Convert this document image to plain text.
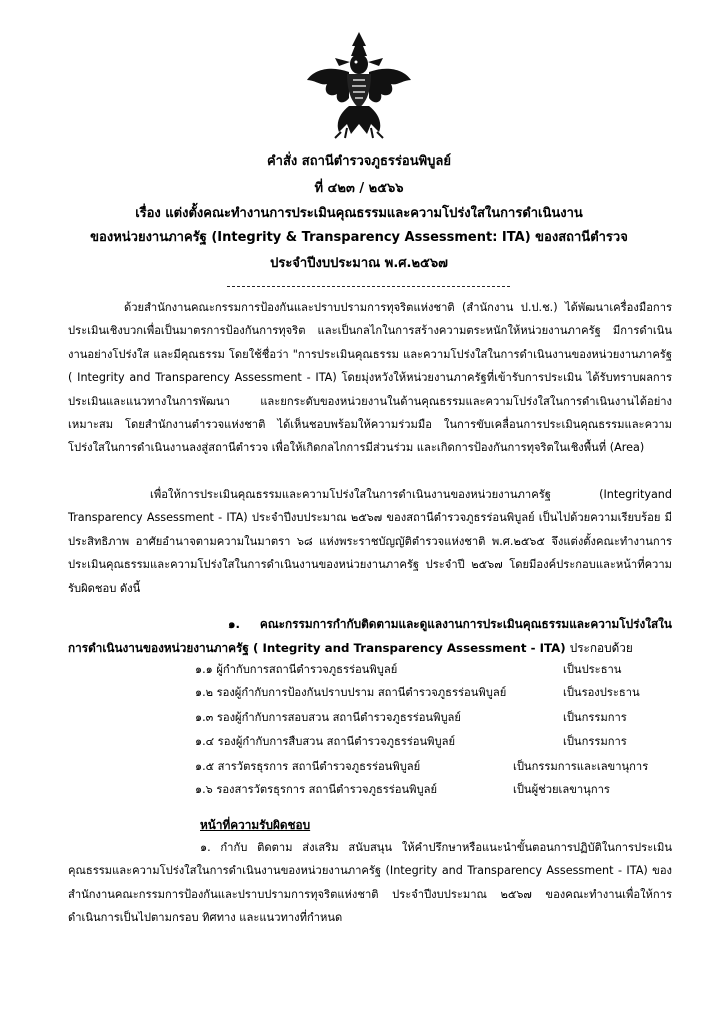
คำสั่ง สถานีตำรวจภูธรร่อนพิบูลย์
ที่ ๔๒๓ / ๒๕๖๖
เรื่อง แต่งตั้งคณะทำงานการประเมินคุณธรรมและความโปร่งใสในการดำเนินงาน
ของหน่วยงานภาครัฐ (Integrity & Transparency Assessment: ITA) ของสถานีตำรวจ
ประจำปีงบประมาณ พ.ศ.๒๕๖๗
ด้วยสำนักงานคณะกรรมการป้องกันและปราบปรามการทุจริตแห่งชาติ (สำนักงาน ป.ป.ช.) ได้พัฒนาเครื่องมือการประเมินเชิงบวกเพื่อเป็นมาตรการป้องกันการทุจริต และเป็นกลไกในการสร้างความตระหนักให้หน่วยงานภาครัฐ มีการดำเนินงานอย่างโปร่งใส และมีคุณธรรม โดยใช้ชื่อว่า "การประเมินคุณธรรม และความโปร่งใสในการดำเนินงานของหน่วยงานภาครัฐ ( Integrity and Transparency Assessment - ITA) โดยมุ่งหวังให้หน่วยงานภาครัฐที่เข้ารับการประเมิน ได้รับทราบผลการประเมินและแนวทางในการพัฒนา และยกระดับของหน่วยงานในด้านคุณธรรมและความโปร่งใสในการดำเนินงานได้อย่างเหมาะสม โดยสำนักงานตำรวจแห่งชาติ ได้เห็นชอบพร้อมให้ความร่วมมือ ในการขับเคลื่อนการประเมินคุณธรรมและความโปร่งใสในการดำเนินงานลงสู่สถานีตำรวจ เพื่อให้เกิดกลไกการมีส่วนร่วม และเกิดการป้องกันการทุจริตในเชิงพื้นที่ (Area)
เพื่อให้การประเมินคุณธรรมและความโปร่งใสในการดำเนินงานของหน่วยงานภาครัฐ (Integrityand Transparency Assessment - ITA) ประจำปีงบประมาณ ๒๕๖๗ ของสถานีตำรวจภูธรร่อนพิบูลย์ เป็นไปด้วยความเรียบร้อย มีประสิทธิภาพ อาศัยอำนาจตามความในมาตรา ๖๘ แห่งพระราชบัญญัติตำรวจแห่งชาติ พ.ศ.๒๕๖๕ จึงแต่งตั้งคณะทำงานการประเมินคุณธรรมและความโปร่งใสในการดำเนินงานของหน่วยงานภาครัฐ ประจำปี ๒๕๖๗ โดยมีองค์ประกอบและหน้าที่ความรับผิดชอบ ดังนี้
๑. คณะกรรมการกำกับติดตามและดูแลงานการประเมินคุณธรรมและความโปร่งใสในการดำเนินงานของหน่วยงานภาครัฐ ( Integrity and Transparency Assessment - ITA) ประกอบด้วย
๑.๑ ผู้กำกับการสถานีตำรวจภูธรร่อนพิบูลย์	เป็นประธาน
๑.๒ รองผู้กำกับการป้องกันปราบปราม สถานีตำรวจภูธรร่อนพิบูลย์	เป็นรองประธาน
๑.๓ รองผู้กำกับการสอบสวน สถานีตำรวจภูธรร่อนพิบูลย์	เป็นกรรมการ
๑.๔ รองผู้กำกับการสืบสวน สถานีตำรวจภูธรร่อนพิบูลย์	เป็นกรรมการ
๑.๕ สารวัตรธุรการ สถานีตำรวจภูธรร่อนพิบูลย์	เป็นกรรมการและเลขานุการ
๑.๖ รองสารวัตรธุรการ สถานีตำรวจภูธรร่อนพิบูลย์	เป็นผู้ช่วยเลขานุการ
หน้าที่ความรับผิดชอบ
๑. กำกับ ติดตาม ส่งเสริม สนับสนุน ให้คำปรึกษาหรือแนะนำขั้นตอนการปฏิบัติในการประเมินคุณธรรมและความโปร่งใสในการดำเนินงานของหน่วยงานภาครัฐ (Integrity and Transparency Assessment - ITA) ของสำนักงานคณะกรรมการป้องกันและปราบปรามการทุจริตแห่งชาติ ประจำปีงบประมาณ ๒๕๖๗ ของคณะทำงานเพื่อให้การดำเนินการเป็นไปตามกรอบ ทิศทาง และแนวทางที่กำหนด
